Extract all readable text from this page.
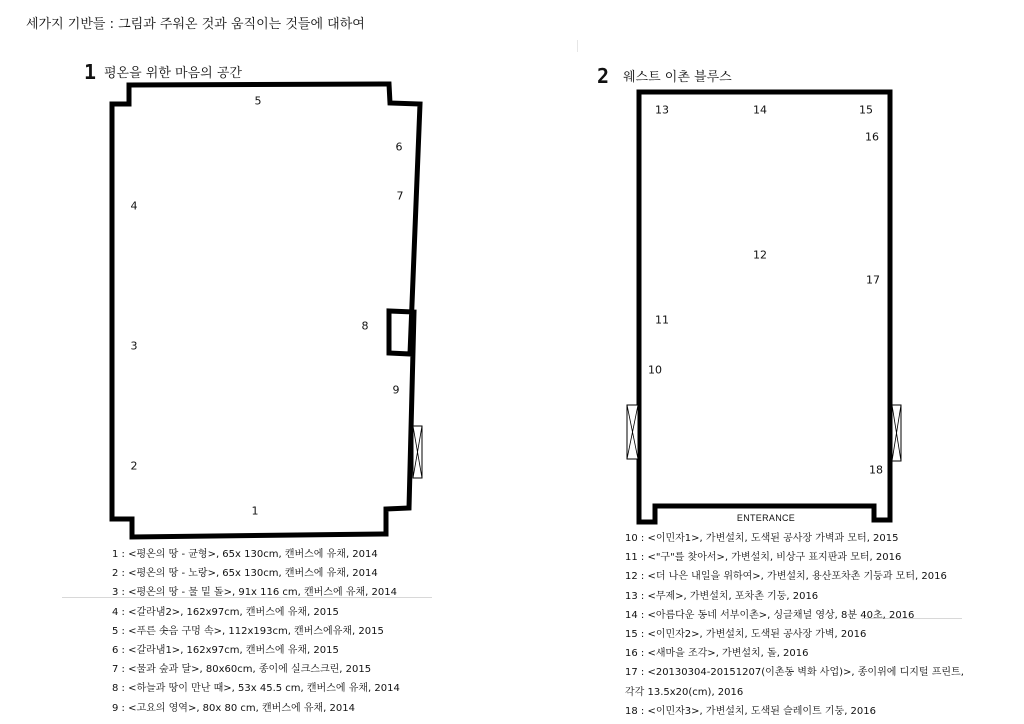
세가지 기반들 : 그림과 주워온 것과 움직이는 것들에 대하여
1 평온을 위한 마음의 공간	2 웨스트 이촌 블루스
1
2
3
4
5
6
7
8
9
10
11
12
13	14	15
16
17
18
ENTERANCE
1 : <평온의 땅 - 균형>, 65x 130cm, 캔버스에 유채, 2014
2 : <평온의 땅 - 노랑>, 65x 130cm, 캔버스에 유채, 2014
3 : <평온의 땅 - 물 밑 돌>, 91x 116 cm, 캔버스에 유채, 2014
4 : <갈라냄2>, 162x97cm, 캔버스에 유채, 2015
5 : <푸른 솟음 구멍 속>, 112x193cm, 캔버스에유채, 2015
6 : <갈라냄1>, 162x97cm, 캔버스에 유채, 2015
7 : <물과 숲과 달>, 80x60cm, 종이에 실크스크린, 2015
8 : <하늘과 땅이 만난 때>, 53x 45.5 cm, 캔버스에 유채, 2014
9 : <고요의 영역>, 80x 80 cm, 캔버스에 유채, 2014
10 : <이민자1>, 가변설치, 도색된 공사장 가벽과 모터, 2015
11 : <"구"를 찾아서>, 가변설치, 비상구 표지판과 모터, 2016
12 : <더 나은 내일을 위하여>, 가변설치, 용산포차촌 기둥과 모터, 2016
13 : <무제>, 가변설치, 포차촌 기둥, 2016
14 : <아름다운 동네 서부이촌>, 싱글채널 영상, 8분 40초, 2016
15 : <이민자2>, 가변설치, 도색된 공사장 가벽, 2016
16 : <새마을 조각>, 가변설치, 돌, 2016
17 : <20130304-20151207(이촌동 벽화 사업)>, 종이위에 디지털 프린트,
각각 13.5x20(cm), 2016
18 : <이민자3>, 가변설치, 도색된 슬레이트 기둥, 2016
